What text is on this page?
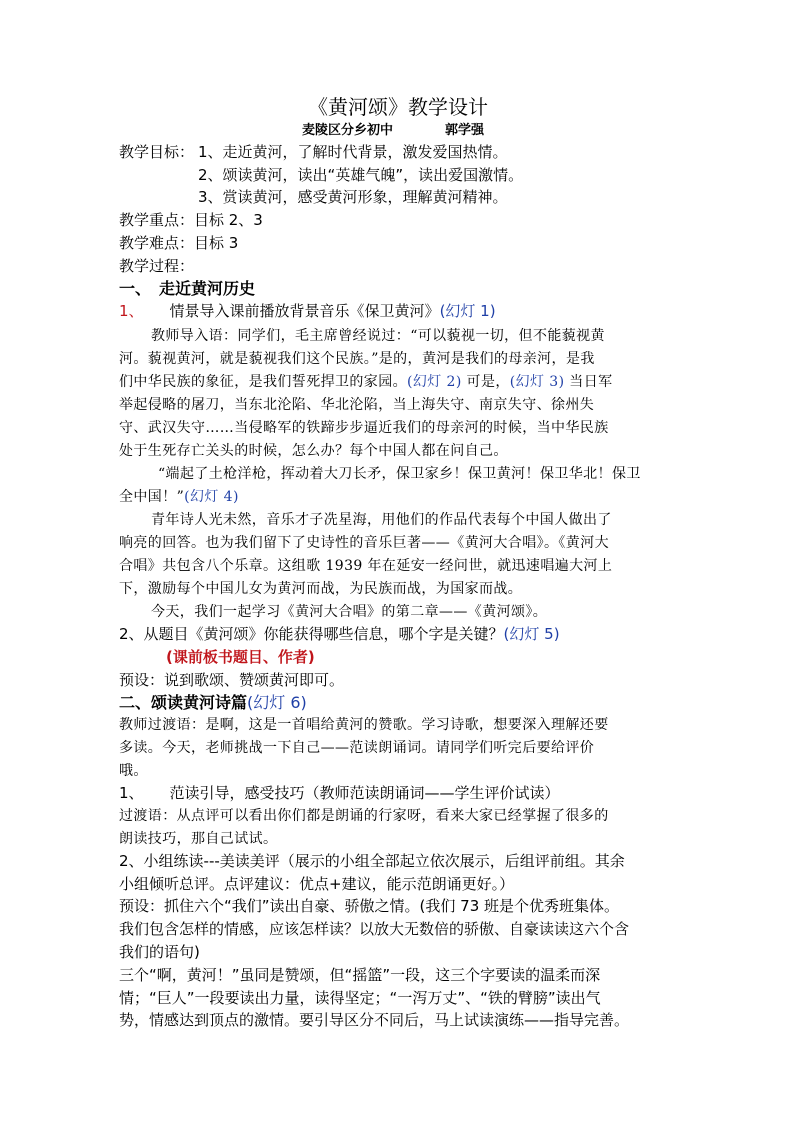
《黄河颂》教学设计
麦陵区分乡初中	郭学强
教学目标： 1、走近黄河，了解时代背景，激发爱国热情。
2、颂读黄河，读出“英雄气魄”，读出爱国激情。
3、赏读黄河，感受黄河形象，理解黄河精神。
教学重点：目标 2、3
教学难点：目标 3
教学过程：
一、　走近黄河历史
1、 情景导入课前播放背景音乐《保卫黄河》(幻灯 1)
教师导入语：同学们，毛主席曾经说过：“可以藐视一切，但不能藐视黄
河。藐视黄河，就是藐视我们这个民族。”是的，黄河是我们的母亲河，是我
们中华民族的象征，是我们誓死捍卫的家园。(幻灯 2) 可是，(幻灯 3) 当日军
举起侵略的屠刀，当东北沦陷、华北沦陷，当上海失守、南京失守、徐州失
守、武汉失守……当侵略军的铁蹄步步逼近我们的母亲河的时候，当中华民族
处于生死存亡关头的时候，怎么办？每个中国人都在问自己。
“端起了土枪洋枪，挥动着大刀长矛，保卫家乡！保卫黄河！保卫华北！保卫
全中国！”(幻灯 4)
青年诗人光未然，音乐才子冼星海，用他们的作品代表每个中国人做出了
响亮的回答。也为我们留下了史诗性的音乐巨著——《黄河大合唱》。《黄河大
合唱》共包含八个乐章。这组歌 1939 年在延安一经问世，就迅速唱遍大河上
下，激励每个中国儿女为黄河而战，为民族而战，为国家而战。
今天，我们一起学习《黄河大合唱》的第二章——《黄河颂》。
2、从题目《黄河颂》你能获得哪些信息，哪个字是关键？(幻灯 5)
(课前板书题目、作者)
预设：说到歌颂、赞颂黄河即可。
二、颂读黄河诗篇(幻灯 6)
教师过渡语：是啊，这是一首唱给黄河的赞歌。学习诗歌，想要深入理解还要
多读。今天，老师挑战一下自己——范读朗诵词。请同学们听完后要给评价
哦。
1、 范读引导，感受技巧（教师范读朗诵词——学生评价试读）
过渡语：从点评可以看出你们都是朗诵的行家呀，看来大家已经掌握了很多的
朗读技巧，那自己试试。
2、小组练读---美读美评（展示的小组全部起立依次展示，后组评前组。其余
小组倾听总评。点评建议：优点+建议，能示范朗诵更好。）
预设：抓住六个“我们”读出自豪、骄傲之情。(我们 73 班是个优秀班集体。
我们包含怎样的情感，应该怎样读？以放大无数倍的骄傲、自豪读读这六个含
我们的语句)
三个“啊，黄河！”虽同是赞颂，但“摇篮”一段，这三个字要读的温柔而深
情；“巨人”一段要读出力量，读得坚定；“一泻万丈”、“铁的臂膀”读出气
势，情感达到顶点的激情。要引导区分不同后，马上试读演练——指导完善。
